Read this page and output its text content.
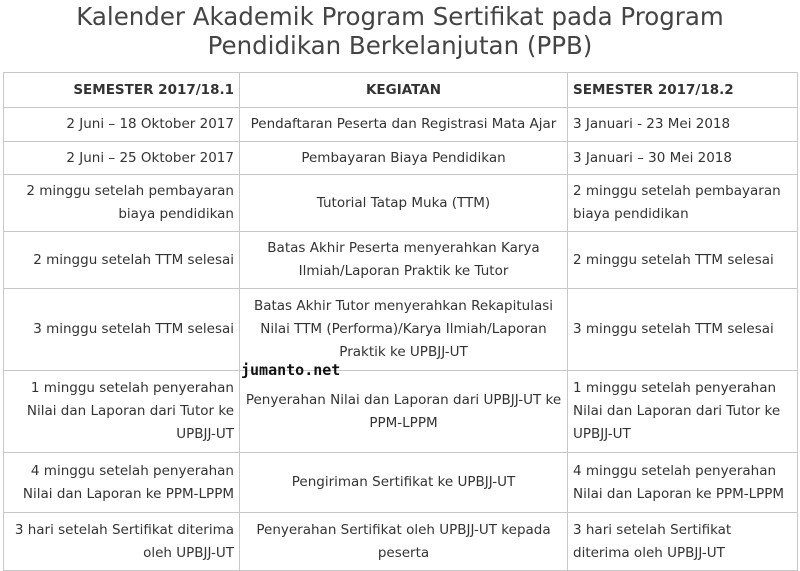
Kalender Akademik Program Sertifikat pada Program
Pendidikan Berkelanjutan (PPB)
SEMESTER 2017/18.1	KEGIATAN	SEMESTER 2017/18.2
2 Juni – 18 Oktober 2017	Pendaftaran Peserta dan Registrasi Mata Ajar	3 Januari - 23 Mei 2018
2 Juni – 25 Oktober 2017	Pembayaran Biaya Pendidikan	3 Januari – 30 Mei 2018
2 minggu setelah pembayaran biaya pendidikan	Tutorial Tatap Muka (TTM)	2 minggu setelah pembayaran biaya pendidikan
2 minggu setelah TTM selesai	Batas Akhir Peserta menyerahkan Karya Ilmiah/Laporan Praktik ke Tutor	2 minggu setelah TTM selesai
3 minggu setelah TTM selesai	Batas Akhir Tutor menyerahkan Rekapitulasi Nilai TTM (Performa)/Karya Ilmiah/Laporan Praktik ke UPBJJ-UT	3 minggu setelah TTM selesai
1 minggu setelah penyerahan Nilai dan Laporan dari Tutor ke UPBJJ-UT	Penyerahan Nilai dan Laporan dari UPBJJ-UT ke PPM-LPPM	1 minggu setelah penyerahan Nilai dan Laporan dari Tutor ke UPBJJ-UT
4 minggu setelah penyerahan Nilai dan Laporan ke PPM-LPPM	Pengiriman Sertifikat ke UPBJJ-UT	4 minggu setelah penyerahan Nilai dan Laporan ke PPM-LPPM
3 hari setelah Sertifikat diterima oleh UPBJJ-UT	Penyerahan Sertifikat oleh UPBJJ-UT kepada peserta	3 hari setelah Sertifikat diterima oleh UPBJJ-UT
jumanto.net
